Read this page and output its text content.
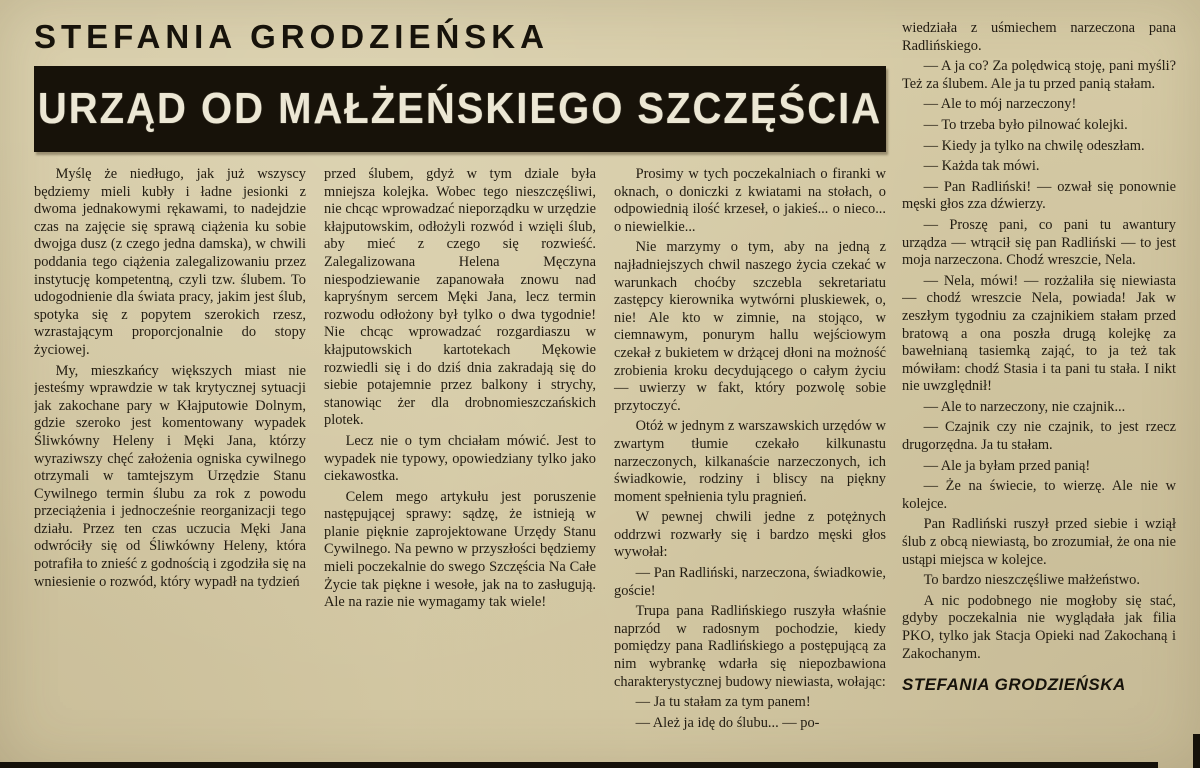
STEFANIA GRODZIEŃSKA
URZĄD OD MAŁŻEŃSKIEGO SZCZĘŚCIA

Myślę że niedługo, jak już wszyscy będziemy mieli kubły i ładne jesionki z dwoma jednakowymi rękawami, to nadejdzie czas na zajęcie się sprawą ciążenia ku sobie dwojga dusz (z czego jedna damska), w chwili poddania tego ciążenia zalegalizowaniu przez instytucję kompetentną, czyli tzw. ślubem. To udogodnienie dla świata pracy, jakim jest ślub, spotyka się z popytem szerokich rzesz, wzrastającym proporcjonalnie do stopy życiowej.

My, mieszkańcy większych miast nie jesteśmy wprawdzie w tak krytycznej sytuacji jak zakochane pary w Kłajputowie Dolnym, gdzie szeroko jest komentowany wypadek Śliwkówny Heleny i Męki Jana, którzy wyraziwszy chęć założenia ogniska cywilnego otrzymali w tamtejszym Urzędzie Stanu Cywilnego termin ślubu za rok z powodu przeciążenia i jednocześnie reorganizacji tego działu. Przez ten czas uczucia Męki Jana odwróciły się od Śliwkówny Heleny, która potrafiła to znieść z godnością i zgodziła się na wniesienie o rozwód, który wypadł na tydzień

przed ślubem, gdyż w tym dziale była mniejsza kolejka. Wobec tego nieszczęśliwi, nie chcąc wprowadzać nieporządku w urzędzie kłajputowskim, odłożyli rozwód i wzięli ślub, aby mieć z czego się rozwieść. Zalegalizowana Helena Męczyna niespodziewanie zapanowała znowu nad kapryśnym sercem Męki Jana, lecz termin rozwodu odłożony był tylko o dwa tygodnie! Nie chcąc wprowadzać rozgardiaszu w kłajputowskich kartotekach Mękowie rozwiedli się i do dziś dnia zakradają się do siebie potajemnie przez balkony i strychy, stanowiąc żer dla drobnomieszczańskich plotek.

Lecz nie o tym chciałam mówić. Jest to wypadek nie typowy, opowiedziany tylko jako ciekawostka.

Celem mego artykułu jest poruszenie następującej sprawy: sądzę, że istnieją w planie pięknie zaprojektowane Urzędy Stanu Cywilnego. Na pewno w przyszłości będziemy mieli poczekalnie do swego Szczęścia Na Całe Życie tak piękne i wesołe, jak na to zasługują. Ale na razie nie wymagamy tak wiele!

Prosimy w tych poczekalniach o firanki w oknach, o doniczki z kwiatami na stołach, o odpowiednią ilość krzeseł, o jakieś... o nieco... o niewielkie...

Nie marzymy o tym, aby na jedną z najładniejszych chwil naszego życia czekać w warunkach choćby szczebla sekretariatu zastępcy kierownika wytwórni pluskiewek, o, nie! Ale kto w zimnie, na stojąco, w ciemnawym, ponurym hallu wejściowym czekał z bukietem w drżącej dłoni na możność zrobienia kroku decydującego o całym życiu — uwierzy w fakt, który pozwolę sobie przytoczyć.

Otóż w jednym z warszawskich urzędów w zwartym tłumie czekało kilkunastu narzeczonych, kilkanaście narzeczonych, ich świadkowie, rodziny i bliscy na piękny moment spełnienia tylu pragnień.

W pewnej chwili jedne z potężnych oddrzwi rozwarły się i bardzo męski głos wywołał:

— Pan Radliński, narzeczona, świadkowie, goście!

Trupa pana Radlińskiego ruszyła właśnie naprzód w radosnym pochodzie, kiedy pomiędzy pana Radlińskiego a postępującą za nim wybrankę wdarła się niepozbawiona charakterystycznej budowy niewiasta, wołając:

— Ja tu stałam za tym panem!

— Ależ ja idę do ślubu... — po-

wiedziała z uśmiechem narzeczona pana Radlińskiego.

— A ja co? Za polędwicą stoję, pani myśli? Też za ślubem. Ale ja tu przed panią stałam.

— Ale to mój narzeczony!

— To trzeba było pilnować kolejki.

— Kiedy ja tylko na chwilę odeszłam.

— Każda tak mówi.

— Pan Radliński! — ozwał się ponownie męski głos zza dźwierzy.

— Proszę pani, co pani tu awantury urządza — wtrącił się pan Radliński — to jest moja narzeczona. Chodź wreszcie, Nela.

— Nela, mówi! — rozżaliła się niewiasta — chodź wreszcie Nela, powiada! Jak w zeszłym tygodniu za czajnikiem stałam przed bratową a ona poszła drugą kolejkę za bawełnianą tasiemką zająć, to ja też tak mówiłam: chodź Stasia i ta pani tu stała. I nikt nie uwzględnił!

— Ale to narzeczony, nie czajnik...

— Czajnik czy nie czajnik, to jest rzecz drugorzędna. Ja tu stałam.

— Ale ja byłam przed panią!

— Że na świecie, to wierzę. Ale nie w kolejce.

Pan Radliński ruszył przed siebie i wziął ślub z obcą niewiastą, bo zrozumiał, że ona nie ustąpi miejsca w kolejce.

To bardzo nieszczęśliwe małżeństwo.

A nic podobnego nie mogłoby się stać, gdyby poczekalnia nie wyglądała jak filia PKO, tylko jak Stacja Opieki nad Zakochaną i Zakochanym.

STEFANIA GRODZIEŃSKA
